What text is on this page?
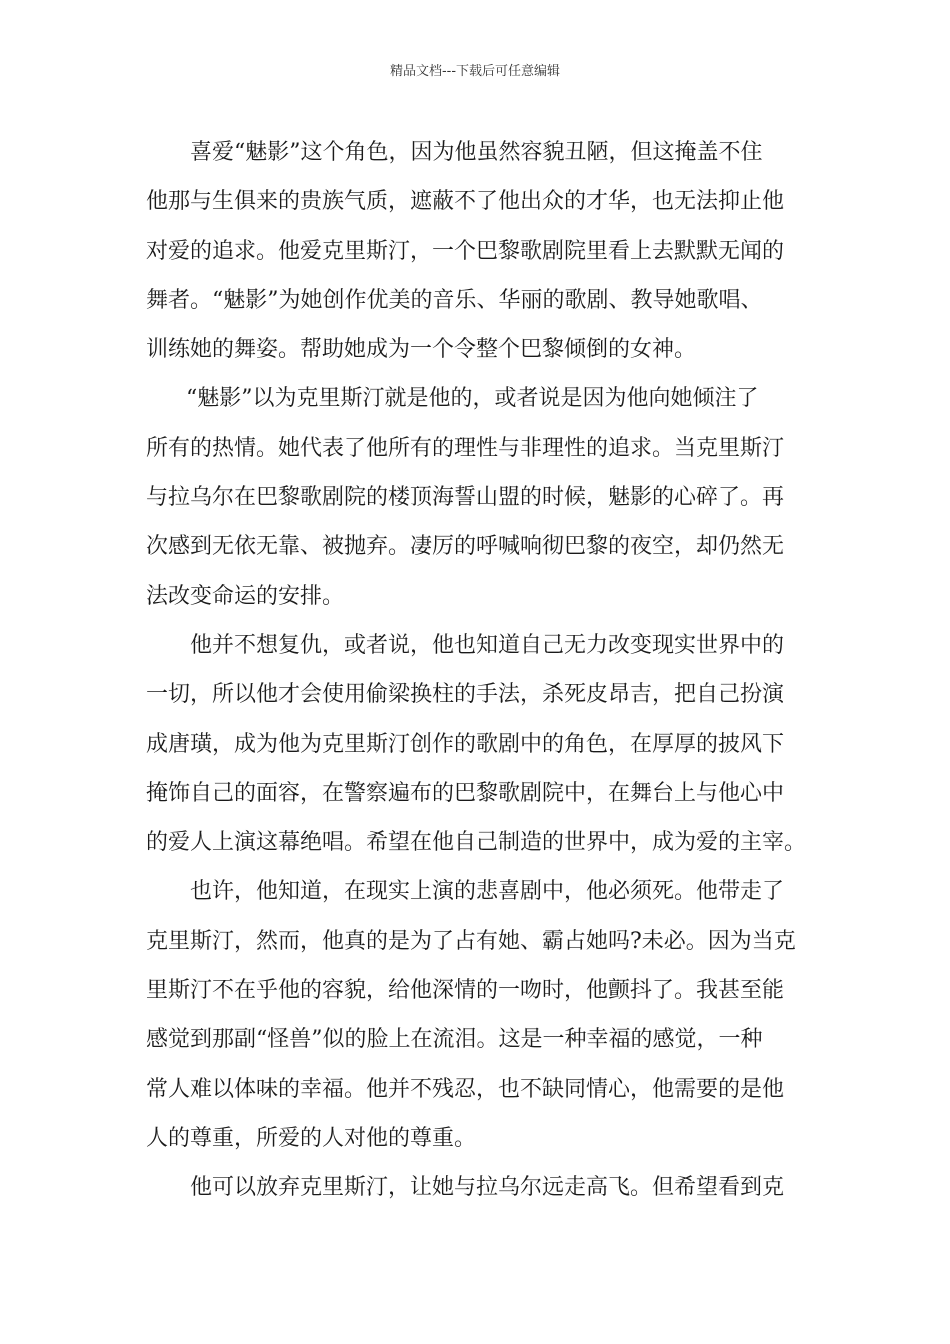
精品文档---下载后可任意编辑
喜爱“魅影”这个角色，因为他虽然容貌丑陋，但这掩盖不住
他那与生俱来的贵族气质，遮蔽不了他出众的才华，也无法抑止他
对爱的追求。他爱克里斯汀，一个巴黎歌剧院里看上去默默无闻的
舞者。“魅影”为她创作优美的音乐、华丽的歌剧、教导她歌唱、
训练她的舞姿。帮助她成为一个令整个巴黎倾倒的女神。
“魅影”以为克里斯汀就是他的，或者说是因为他向她倾注了
所有的热情。她代表了他所有的理性与非理性的追求。当克里斯汀
与拉乌尔在巴黎歌剧院的楼顶海誓山盟的时候，魅影的心碎了。再
次感到无依无靠、被抛弃。凄厉的呼喊响彻巴黎的夜空，却仍然无
法改变命运的安排。
他并不想复仇，或者说，他也知道自己无力改变现实世界中的
一切，所以他才会使用偷梁换柱的手法，杀死皮昂吉，把自己扮演
成唐璜，成为他为克里斯汀创作的歌剧中的角色，在厚厚的披风下
掩饰自己的面容，在警察遍布的巴黎歌剧院中，在舞台上与他心中
的爱人上演这幕绝唱。希望在他自己制造的世界中，成为爱的主宰。
也许，他知道，在现实上演的悲喜剧中，他必须死。他带走了
克里斯汀，然而，他真的是为了占有她、霸占她吗?未必。因为当克
里斯汀不在乎他的容貌，给他深情的一吻时，他颤抖了。我甚至能
感觉到那副“怪兽”似的脸上在流泪。这是一种幸福的感觉，一种
常人难以体味的幸福。他并不残忍，也不缺同情心，他需要的是他
人的尊重，所爱的人对他的尊重。
他可以放弃克里斯汀，让她与拉乌尔远走高飞。但希望看到克
